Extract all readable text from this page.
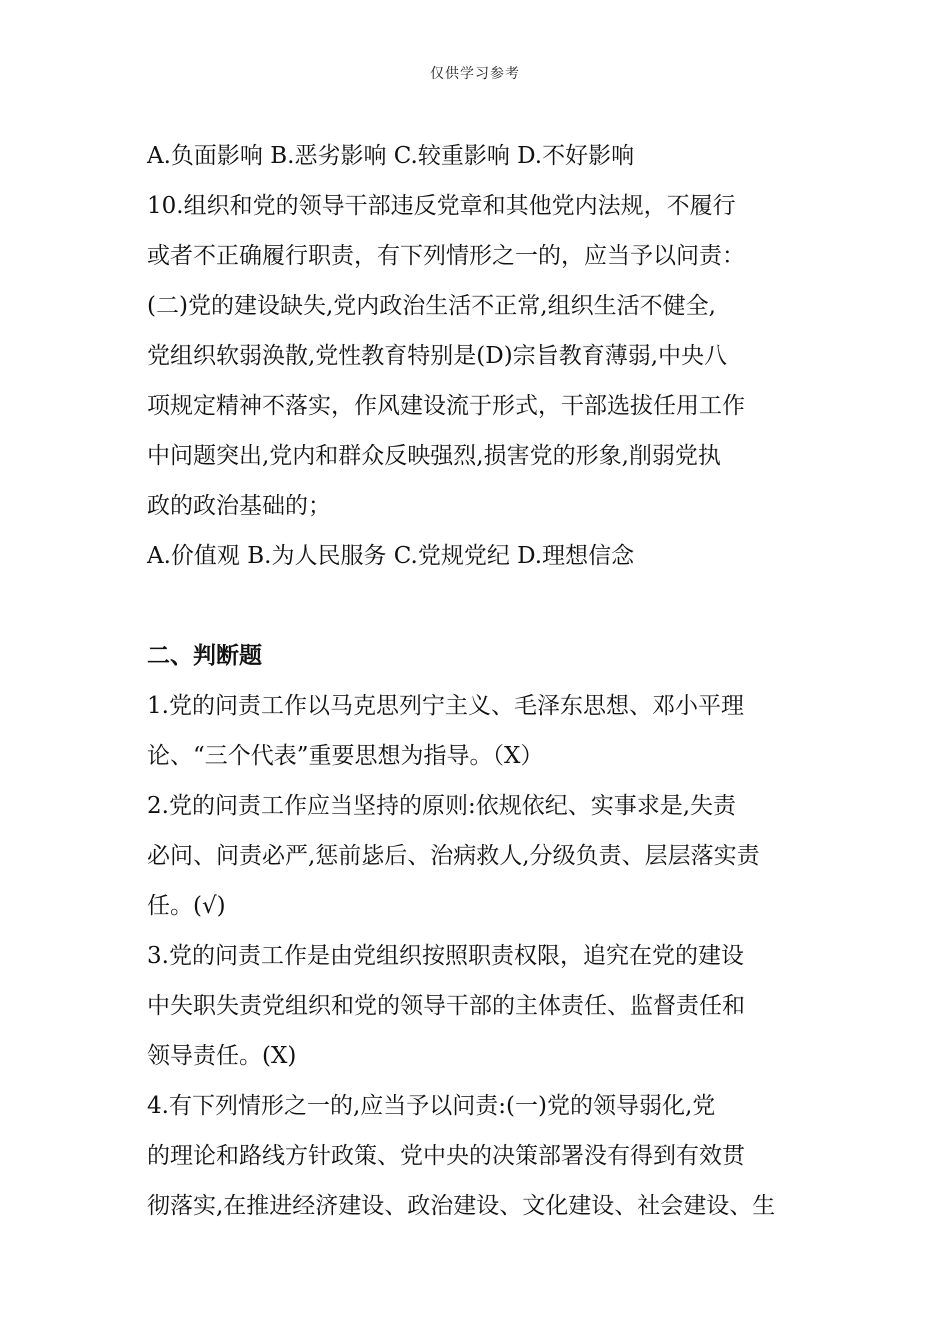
仅供学习参考
A.负面影响 B.恶劣影响 C.较重影响 D.不好影响
10.组织和党的领导干部违反党章和其他党内法规，不履行
或者不正确履行职责，有下列情形之一的，应当予以问责：
(二)党的建设缺失,党内政治生活不正常,组织生活不健全,
党组织软弱涣散,党性教育特别是(D)宗旨教育薄弱,中央八
项规定精神不落实，作风建设流于形式，干部选拔任用工作
中问题突出,党内和群众反映强烈,损害党的形象,削弱党执
政的政治基础的；
A.价值观 B.为人民服务 C.党规党纪 D.理想信念
二、判断题
1.党的问责工作以马克思列宁主义、毛泽东思想、邓小平理
论、“三个代表”重要思想为指导。（X）
2.党的问责工作应当坚持的原则:依规依纪、实事求是,失责
必问、问责必严,惩前毖后、治病救人,分级负责、层层落实责
任。(√)
3.党的问责工作是由党组织按照职责权限，追究在党的建设
中失职失责党组织和党的领导干部的主体责任、监督责任和
领导责任。(X)
4.有下列情形之一的,应当予以问责:(一)党的领导弱化,党
的理论和路线方针政策、党中央的决策部署没有得到有效贯
彻落实,在推进经济建设、政治建设、文化建设、社会建设、生
